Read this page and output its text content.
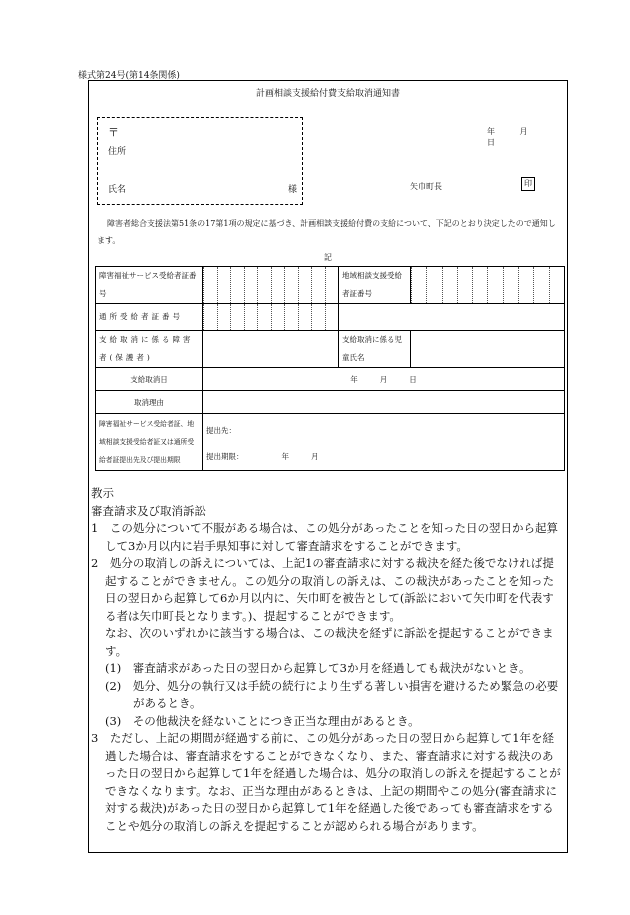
様式第24号(第14条関係)
計画相談支援給付費支給取消通知書
〒
住所
氏名	様
年	月 日
矢巾町長	印
障害者総合支援法第51条の17第1項の規定に基づき、計画相談支援給付費の支給について、下記のとおり決定したので通知します。
記
障害福祉サービス受給者証番号		地域相談支援受給者証番号	

通所受給者証番号		

支給取消に係る障害者(保護者)		支給取消に係る児童氏名	
支給取消日	年 月 日		
取消理由			
障害福祉サービス受給者証、地域相談支援受給者証又は通所受給者証提出先及び提出期限	提出先：
提出期限： 年 月		

教示

審査請求及び取消訴訟

1　この処分について不服がある場合は、この処分があったことを知った日の翌日から起算して3か月以内に岩手県知事に対して審査請求をすることができます。

2　処分の取消しの訴えについては、上記1の審査請求に対する裁決を経た後でなければ提起することができません。この処分の取消しの訴えは、この裁決があったことを知った日の翌日から起算して6か月以内に、矢巾町を被告として(訴訟において矢巾町を代表する者は矢巾町長となります。)、提起することができます。

なお、次のいずれかに該当する場合は、この裁決を経ずに訴訟を提起することができます。

(1)　審査請求があった日の翌日から起算して3か月を経過しても裁決がないとき。

(2)　処分、処分の執行又は手続の続行により生ずる著しい損害を避けるため緊急の必要があるとき。

(3)　その他裁決を経ないことにつき正当な理由があるとき。

3　ただし、上記の期間が経過する前に、この処分があった日の翌日から起算して1年を経過した場合は、審査請求をすることができなくなり、また、審査請求に対する裁決のあった日の翌日から起算して1年を経過した場合は、処分の取消しの訴えを提起することができなくなります。なお、正当な理由があるときは、上記の期間やこの処分(審査請求に対する裁決)があった日の翌日から起算して1年を経過した後であっても審査請求をすることや処分の取消しの訴えを提起することが認められる場合があります。
